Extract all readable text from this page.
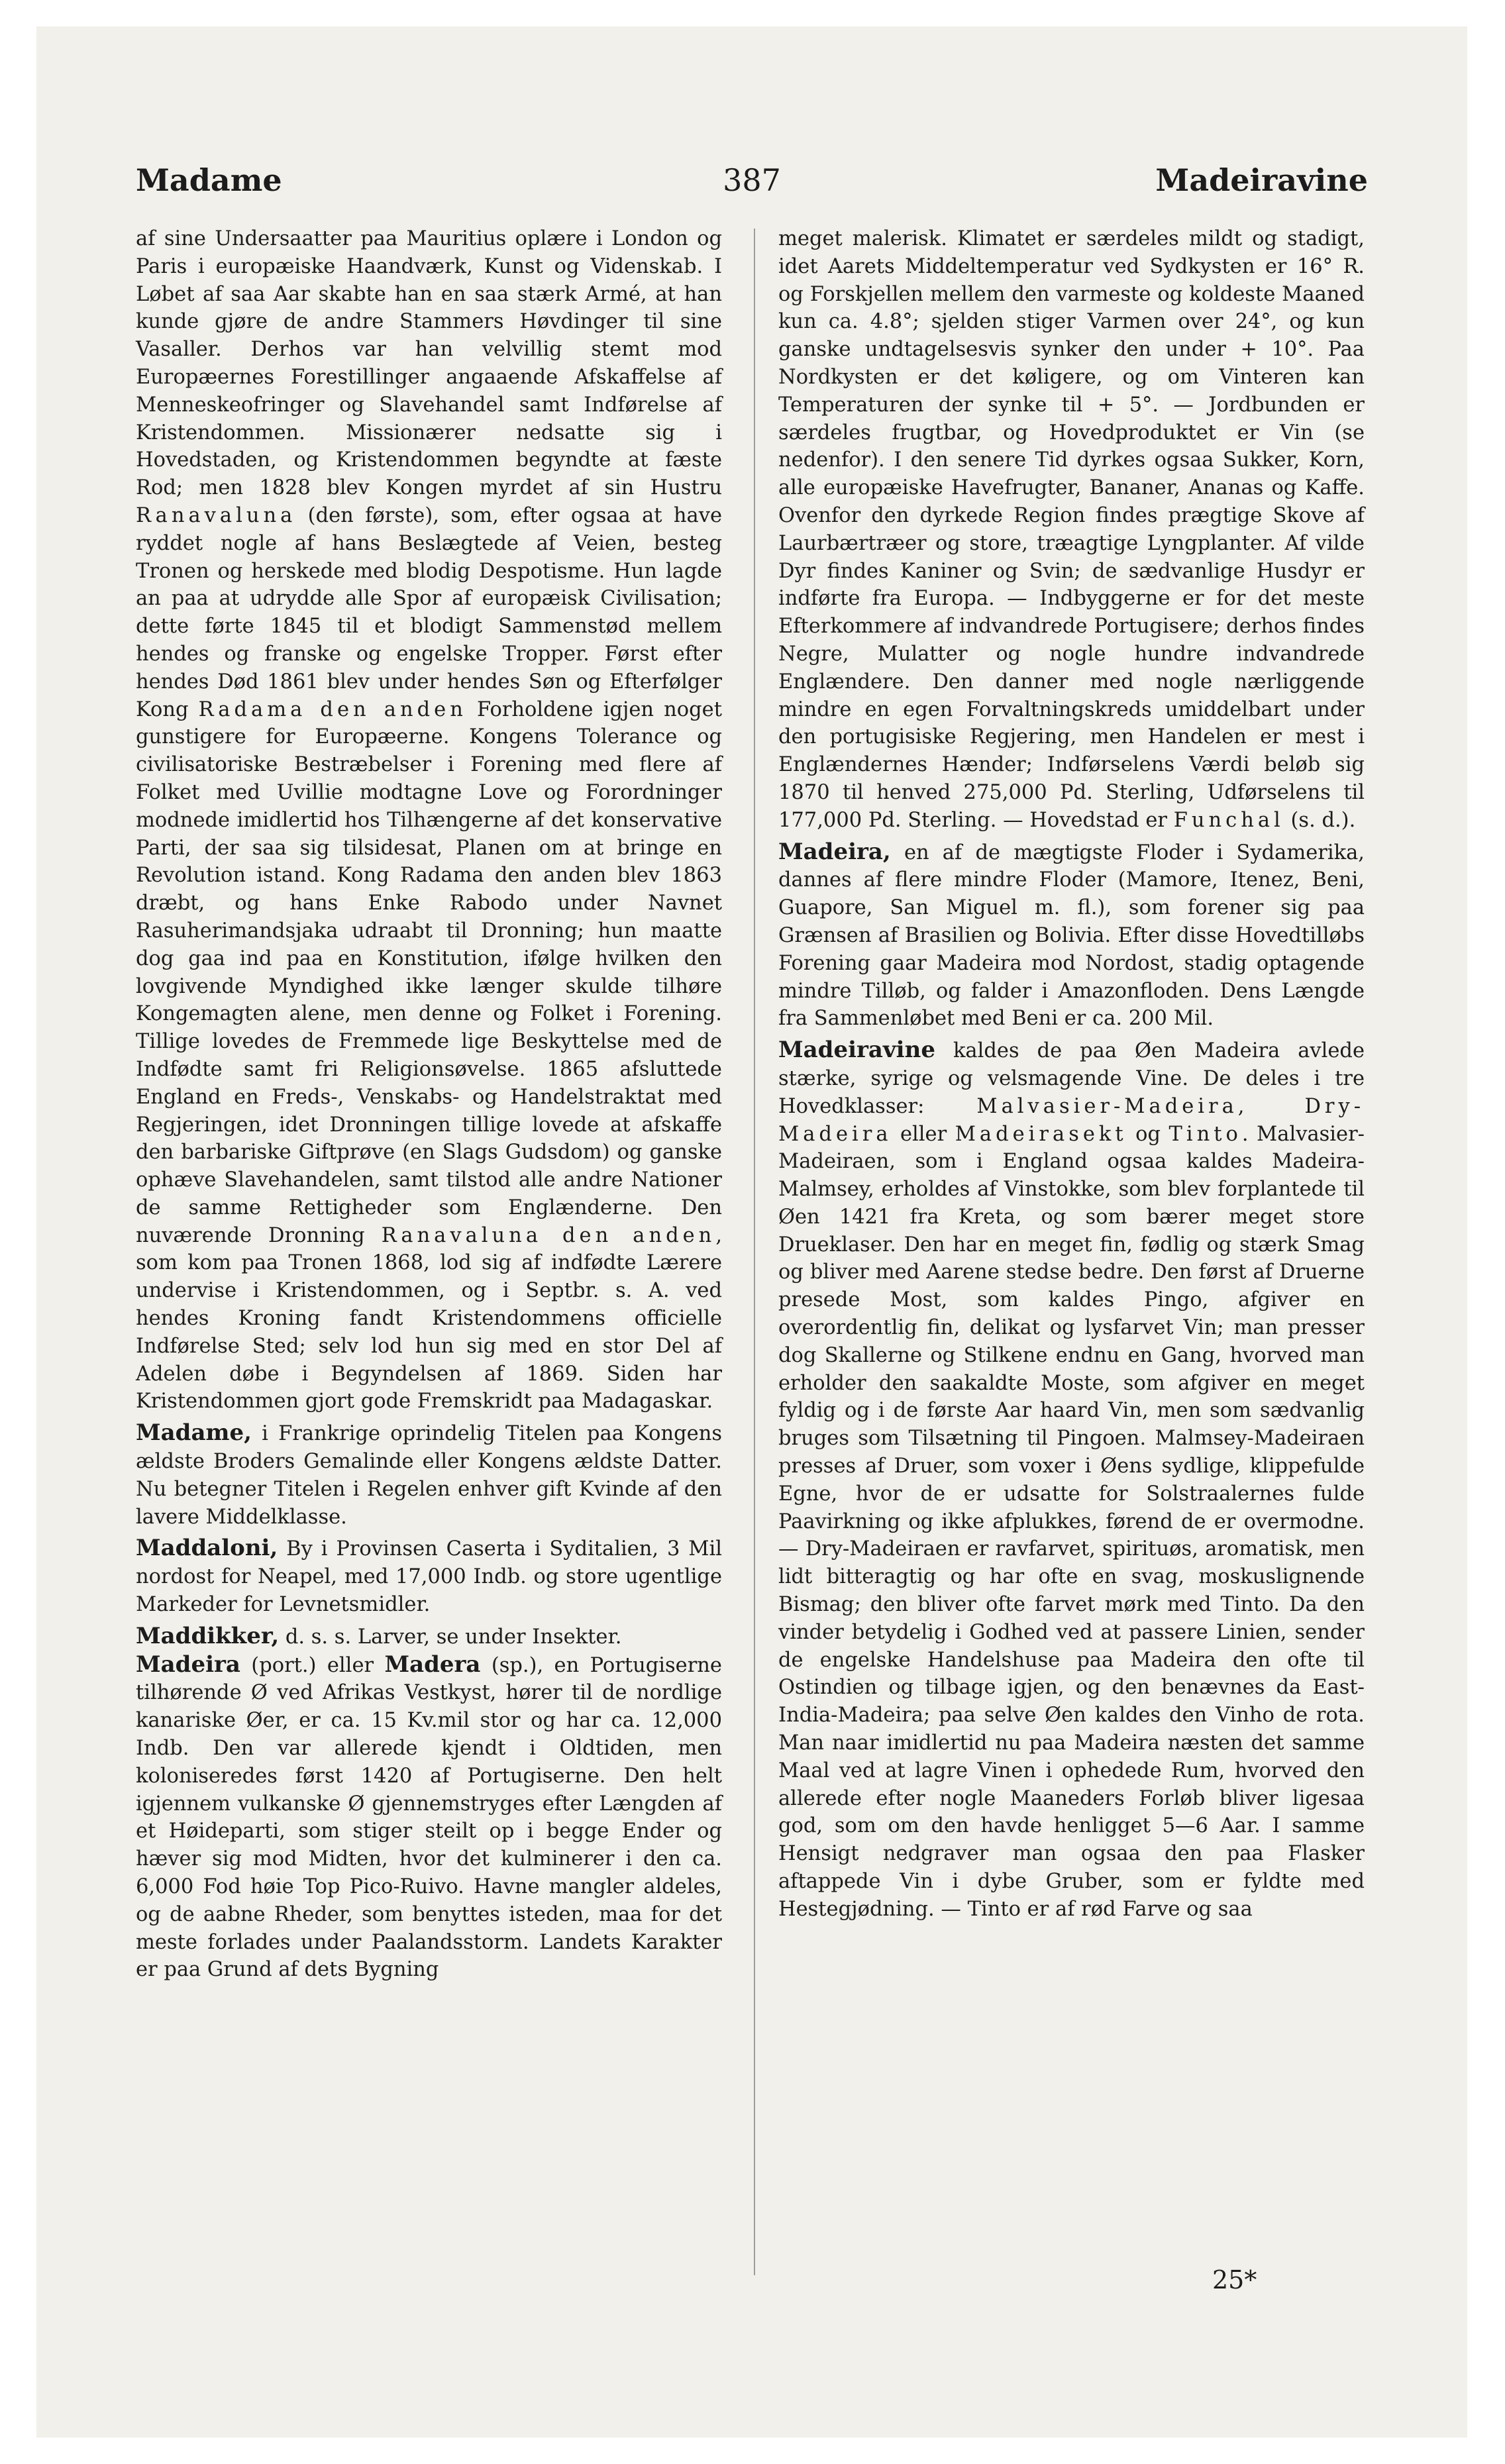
Madame	387	Madeiravine

af sine Undersaatter paa Mauritius oplære i London og Paris i europæiske Haandværk, Kunst og Videnskab. I Løbet af saa Aar skabte han en saa stærk Armé, at han kunde gjøre de andre Stammers Høvdinger til sine Vasaller. Derhos var han velvillig stemt mod Europæernes Forestillinger angaaende Afskaffelse af Menneskeofringer og Slavehandel samt Indførelse af Kristendommen. Missionærer nedsatte sig i Hovedstaden, og Kristendommen begyndte at fæste Rod; men 1828 blev Kongen myrdet af sin Hustru Ranavaluna (den første), som, efter ogsaa at have ryddet nogle af hans Beslægtede af Veien, besteg Tronen og herskede med blodig Despotisme. Hun lagde an paa at udrydde alle Spor af europæisk Civilisation; dette førte 1845 til et blodigt Sammenstød mellem hendes og franske og engelske Tropper. Først efter hendes Død 1861 blev under hendes Søn og Efterfølger Kong Radama den anden Forholdene igjen noget gunstigere for Europæerne. Kongens Tolerance og civilisatoriske Bestræbelser i Forening med flere af Folket med Uvillie modtagne Love og Forordninger modnede imidlertid hos Tilhængerne af det konservative Parti, der saa sig tilsidesat, Planen om at bringe en Revolution istand. Kong Radama den anden blev 1863 dræbt, og hans Enke Rabodo under Navnet Rasuherimandsjaka udraabt til Dronning; hun maatte dog gaa ind paa en Konstitution, ifølge hvilken den lovgivende Myndighed ikke længer skulde tilhøre Kongemagten alene, men denne og Folket i Forening. Tillige lovedes de Fremmede lige Beskyttelse med de Indfødte samt fri Religionsøvelse. 1865 afsluttede England en Freds-, Venskabs- og Handelstraktat med Regjeringen, idet Dronningen tillige lovede at afskaffe den barbariske Giftprøve (en Slags Gudsdom) og ganske ophæve Slavehandelen, samt tilstod alle andre Nationer de samme Rettigheder som Englænderne. Den nuværende Dronning Ranavaluna den anden, som kom paa Tronen 1868, lod sig af indfødte Lærere undervise i Kristendommen, og i Septbr. s. A. ved hendes Kroning fandt Kristendommens officielle Indførelse Sted; selv lod hun sig med en stor Del af Adelen døbe i Begyndelsen af 1869. Siden har Kristendommen gjort gode Fremskridt paa Madagaskar.

Madame, i Frankrige oprindelig Titelen paa Kongens ældste Broders Gemalinde eller Kongens ældste Datter. Nu betegner Titelen i Regelen enhver gift Kvinde af den lavere Middelklasse.

Maddaloni, By i Provinsen Caserta i Syditalien, 3 Mil nordost for Neapel, med 17,000 Indb. og store ugentlige Markeder for Levnetsmidler.

Maddikker, d. s. s. Larver, se under Insekter.

Madeira (port.) eller Madera (sp.), en Portugiserne tilhørende Ø ved Afrikas Vestkyst, hører til de nordlige kanariske Øer, er ca. 15 Kv.mil stor og har ca. 12,000 Indb. Den var allerede kjendt i Oldtiden, men koloniseredes først 1420 af Portugiserne. Den helt igjennem vulkanske Ø gjennemstryges efter Længden af et Høideparti, som stiger steilt op i begge Ender og hæver sig mod Midten, hvor det kulminerer i den ca. 6,000 Fod høie Top Pico-Ruivo. Havne mangler aldeles, og de aabne Rheder, som benyttes isteden, maa for det meste forlades under Paalandsstorm. Landets Karakter er paa Grund af dets Bygning

meget malerisk. Klimatet er særdeles mildt og stadigt, idet Aarets Middeltemperatur ved Sydkysten er 16° R. og Forskjellen mellem den varmeste og koldeste Maaned kun ca. 4.8°; sjelden stiger Varmen over 24°, og kun ganske undtagelsesvis synker den under + 10°. Paa Nordkysten er det køligere, og om Vinteren kan Temperaturen der synke til + 5°. — Jordbunden er særdeles frugtbar, og Hovedproduktet er Vin (se nedenfor). I den senere Tid dyrkes ogsaa Sukker, Korn, alle europæiske Havefrugter, Bananer, Ananas og Kaffe. Ovenfor den dyrkede Region findes prægtige Skove af Laurbærtræer og store, træagtige Lyngplanter. Af vilde Dyr findes Kaniner og Svin; de sædvanlige Husdyr er indførte fra Europa. — Indbyggerne er for det meste Efterkommere af indvandrede Portugisere; derhos findes Negre, Mulatter og nogle hundre indvandrede Englændere. Den danner med nogle nærliggende mindre en egen Forvaltningskreds umiddelbart under den portugisiske Regjering, men Handelen er mest i Englændernes Hænder; Indførselens Værdi beløb sig 1870 til henved 275,000 Pd. Sterling, Udførselens til 177,000 Pd. Sterling. — Hovedstad er Funchal (s. d.).

Madeira, en af de mægtigste Floder i Sydamerika, dannes af flere mindre Floder (Mamore, Itenez, Beni, Guapore, San Miguel m. fl.), som forener sig paa Grænsen af Brasilien og Bolivia. Efter disse Hovedtilløbs Forening gaar Madeira mod Nordost, stadig optagende mindre Tilløb, og falder i Amazonfloden. Dens Længde fra Sammenløbet med Beni er ca. 200 Mil.

Madeiravine kaldes de paa Øen Madeira avlede stærke, syrige og velsmagende Vine. De deles i tre Hovedklasser: Malvasier-Madeira, Dry-Madeira eller Madeirasekt og Tinto. Malvasier-Madeiraen, som i England ogsaa kaldes Madeira-Malmsey, erholdes af Vinstokke, som blev forplantede til Øen 1421 fra Kreta, og som bærer meget store Drueklaser. Den har en meget fin, fødlig og stærk Smag og bliver med Aarene stedse bedre. Den først af Druerne presede Most, som kaldes Pingo, afgiver en overordentlig fin, delikat og lysfarvet Vin; man presser dog Skallerne og Stilkene endnu en Gang, hvorved man erholder den saakaldte Moste, som afgiver en meget fyldig og i de første Aar haard Vin, men som sædvanlig bruges som Tilsætning til Pingoen. Malmsey-Madeiraen presses af Druer, som voxer i Øens sydlige, klippefulde Egne, hvor de er udsatte for Solstraalernes fulde Paavirkning og ikke afplukkes, førend de er overmodne. — Dry-Madeiraen er ravfarvet, spirituøs, aromatisk, men lidt bitteragtig og har ofte en svag, moskuslignende Bismag; den bliver ofte farvet mørk med Tinto. Da den vinder betydelig i Godhed ved at passere Linien, sender de engelske Handelshuse paa Madeira den ofte til Ostindien og tilbage igjen, og den benævnes da East-India-Madeira; paa selve Øen kaldes den Vinho de rota. Man naar imidlertid nu paa Madeira næsten det samme Maal ved at lagre Vinen i ophedede Rum, hvorved den allerede efter nogle Maaneders Forløb bliver ligesaa god, som om den havde henligget 5—6 Aar. I samme Hensigt nedgraver man ogsaa den paa Flasker aftappede Vin i dybe Gruber, som er fyldte med Hestegjødning. — Tinto er af rød Farve og saa

25*
